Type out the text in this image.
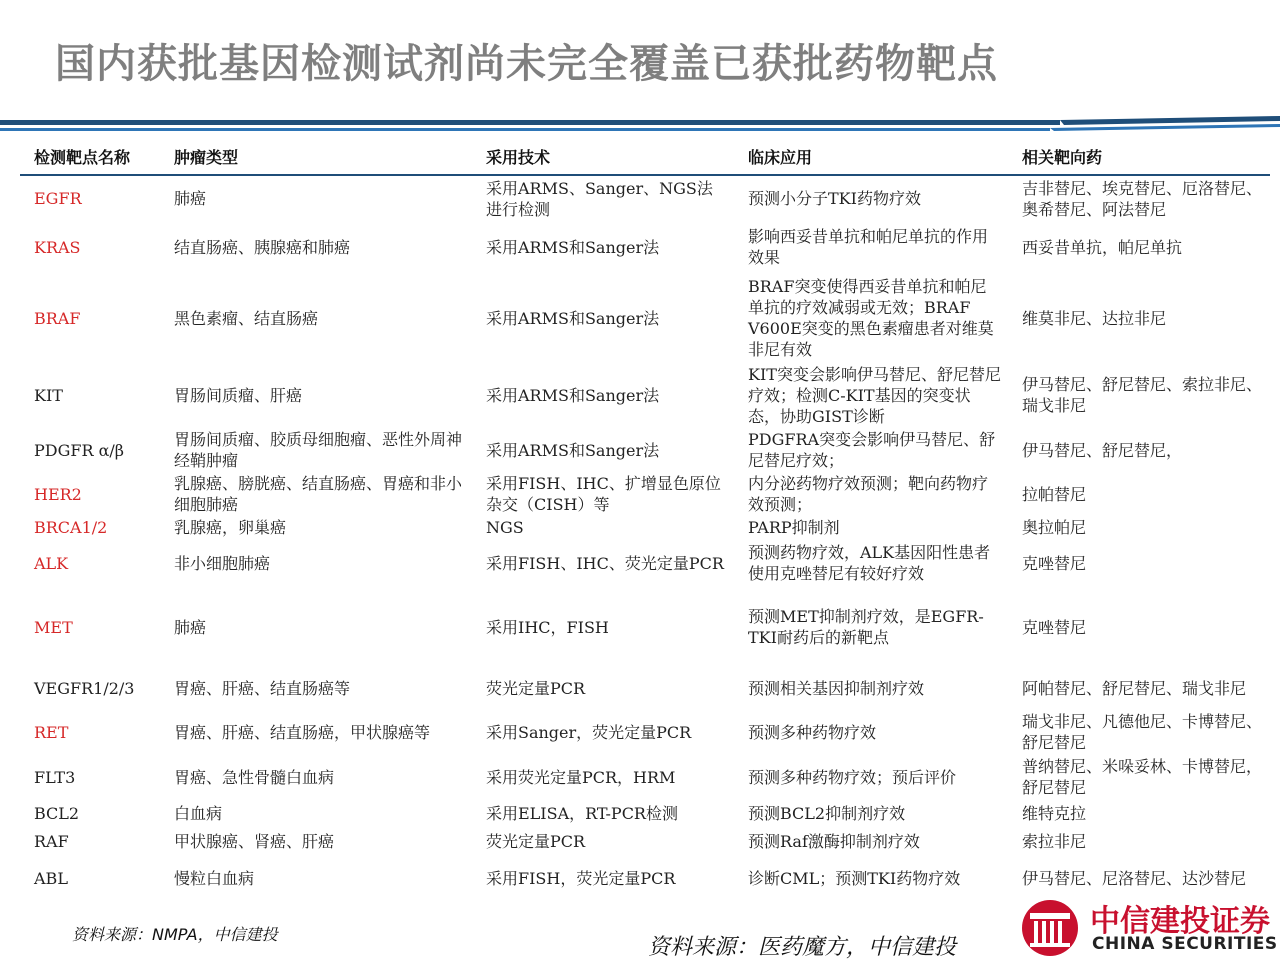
国内获批基因检测试剂尚未完全覆盖已获批药物靶点
检测靶点名称	肿瘤类型	采用技术	临床应用	相关靶向药
EGFR	肺癌	采用ARMS、Sanger、NGS法进行检测	预测小分子TKI药物疗效	吉非替尼、埃克替尼、厄洛替尼、奥希替尼、阿法替尼
KRAS	结直肠癌、胰腺癌和肺癌	采用ARMS和Sanger法	影响西妥昔单抗和帕尼单抗的作用效果	西妥昔单抗，帕尼单抗
BRAF	黑色素瘤、结直肠癌	采用ARMS和Sanger法	BRAF突变使得西妥昔单抗和帕尼单抗的疗效减弱或无效；BRAF V600E突变的黑色素瘤患者对维莫非尼有效	维莫非尼、达拉非尼
KIT	胃肠间质瘤、肝癌	采用ARMS和Sanger法	KIT突变会影响伊马替尼、舒尼替尼疗效；检测C-KIT基因的突变状态，协助GIST诊断	伊马替尼、舒尼替尼、索拉非尼、瑞戈非尼
PDGFR α/β	胃肠间质瘤、胶质母细胞瘤、恶性外周神经鞘肿瘤	采用ARMS和Sanger法	PDGFRA突变会影响伊马替尼、舒尼替尼疗效；	伊马替尼、舒尼替尼，
HER2	乳腺癌、膀胱癌、结直肠癌、胃癌和非小细胞肺癌	采用FISH、IHC、扩增显色原位杂交（CISH）等	内分泌药物疗效预测；靶向药物疗效预测；	拉帕替尼
BRCA1/2	乳腺癌，卵巢癌	NGS	PARP抑制剂	奥拉帕尼
ALK	非小细胞肺癌	采用FISH、IHC、荧光定量PCR	预测药物疗效，ALK基因阳性患者使用克唑替尼有较好疗效	克唑替尼
MET	肺癌	采用IHC，FISH	预测MET抑制剂疗效，是EGFR-TKI耐药后的新靶点	克唑替尼
VEGFR1/2/3	胃癌、肝癌、结直肠癌等	荧光定量PCR	预测相关基因抑制剂疗效	阿帕替尼、舒尼替尼、瑞戈非尼
RET	胃癌、肝癌、结直肠癌，甲状腺癌等	采用Sanger，荧光定量PCR	预测多种药物疗效	瑞戈非尼、凡德他尼、卡博替尼、舒尼替尼
FLT3	胃癌、急性骨髓白血病	采用荧光定量PCR，HRM	预测多种药物疗效；预后评价	普纳替尼、米哚妥林、卡博替尼，舒尼替尼
BCL2	白血病	采用ELISA，RT-PCR检测	预测BCL2抑制剂疗效	维特克拉
RAF	甲状腺癌、肾癌、肝癌	荧光定量PCR	预测Raf激酶抑制剂疗效	索拉非尼
ABL	慢粒白血病	采用FISH，荧光定量PCR	诊断CML；预测TKI药物疗效	伊马替尼、尼洛替尼、达沙替尼
资料来源：NMPA，中信建投
资料来源：医药魔方，中信建投
中信建投证券
CHINA SECURITIES
